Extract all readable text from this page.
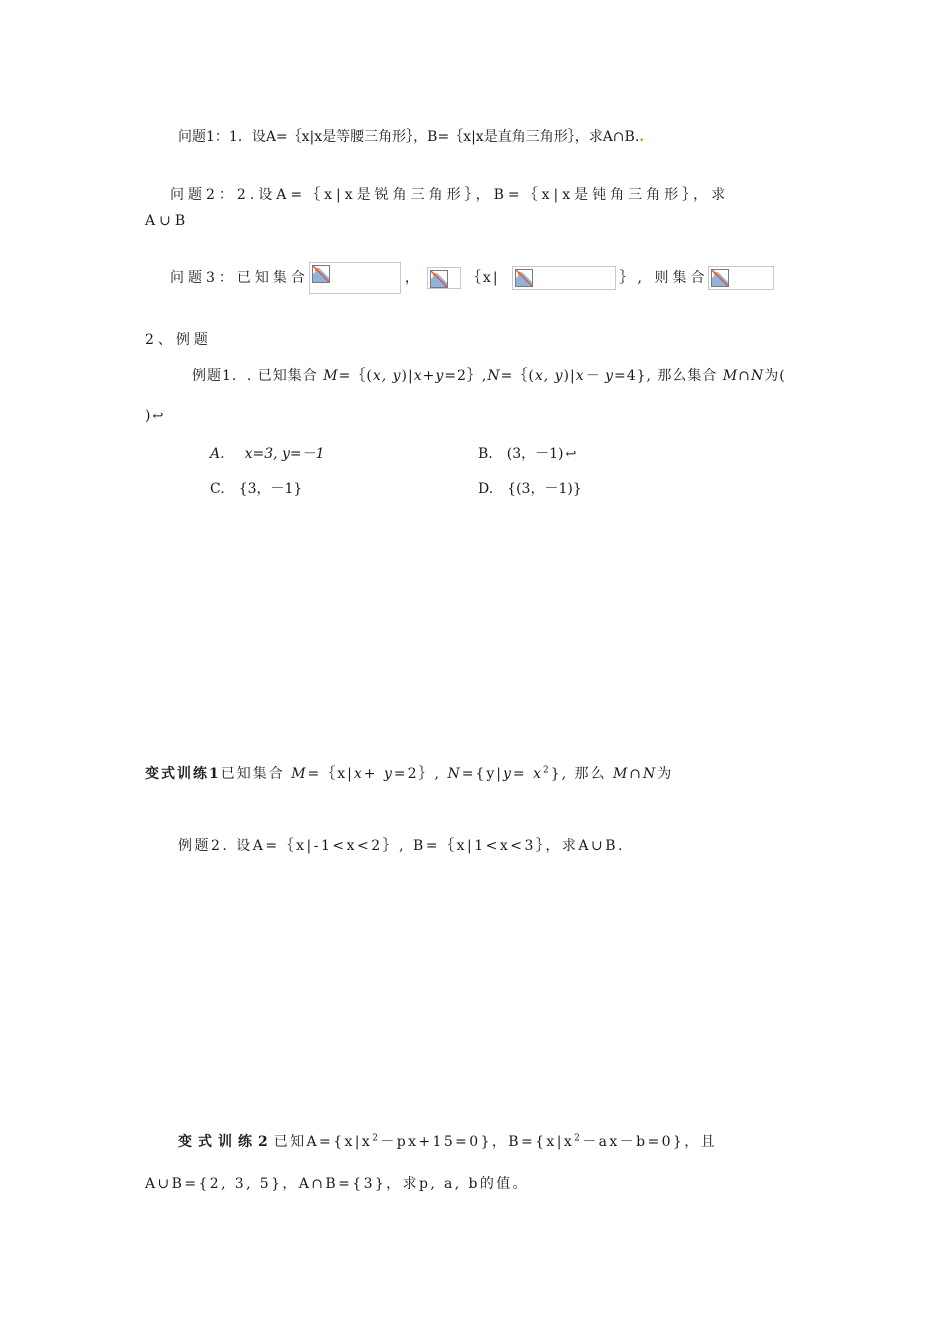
问题1：1．设A=｛x|x是等腰三角形｝，B=｛x|x是直角三角形｝，求A∩B..
问题2：2.设A=｛x|x是锐角三角形｝，B=｛x|x是钝角三角形｝，求
A∪B
问题3：已知集合	，	｛x|	｝, 则集合
2、例题
例题1．. 已知集合 M=｛(x, y)|x+y=2｝,N=｛(x, y)|x－ y=4}, 那么集合 M∩N为(
) ↩
A. x=3, y=－1	B.　(3，－1) ↩
C.　{3，－1}	D.　{(3，－1)}
变式训练1已知集合 M=｛x|x+ y=2｝, $N=\{y|y= x^2\}$, 那么 M∩N为
例题2. 设A=｛x|-1<x<2｝, B=｛x|1<x<3｝，求A∪B.
变式训练2已知$A=\{x|x^2-px+15=0\}$，$B=\{x|x^2-ax-b=0\}$，且
A∪B={2, 3, 5}，A∩B={3}，求p, a, b的值。
